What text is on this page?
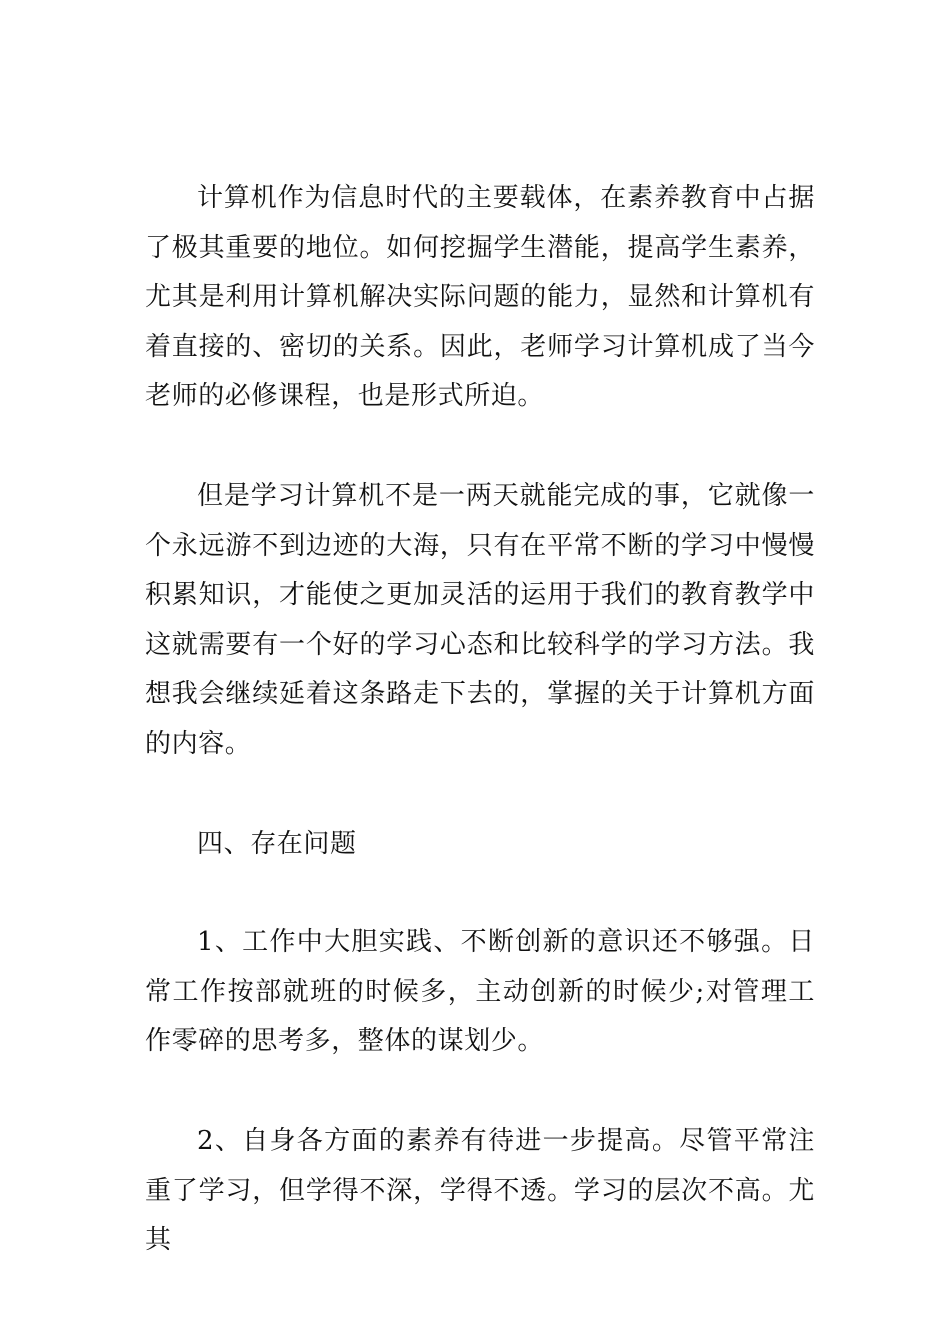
计算机作为信息时代的主要载体，在素养教育中占据了极其重要的地位。如何挖掘学生潜能，提高学生素养，尤其是利用计算机解决实际问题的能力，显然和计算机有着直接的、密切的关系。因此，老师学习计算机成了当今老师的必修课程，也是形式所迫。

但是学习计算机不是一两天就能完成的事，它就像一个永远游不到边迹的大海，只有在平常不断的学习中慢慢积累知识，才能使之更加灵活的运用于我们的教育教学中这就需要有一个好的学习心态和比较科学的学习方法。我想我会继续延着这条路走下去的，掌握的关于计算机方面的内容。

四、存在问题

1、工作中大胆实践、不断创新的意识还不够强。日常工作按部就班的时候多，主动创新的时候少;对管理工作零碎的思考多，整体的谋划少。

2、自身各方面的素养有待进一步提高。尽管平常注重了学习，但学得不深，学得不透。学习的层次不高。尤其
